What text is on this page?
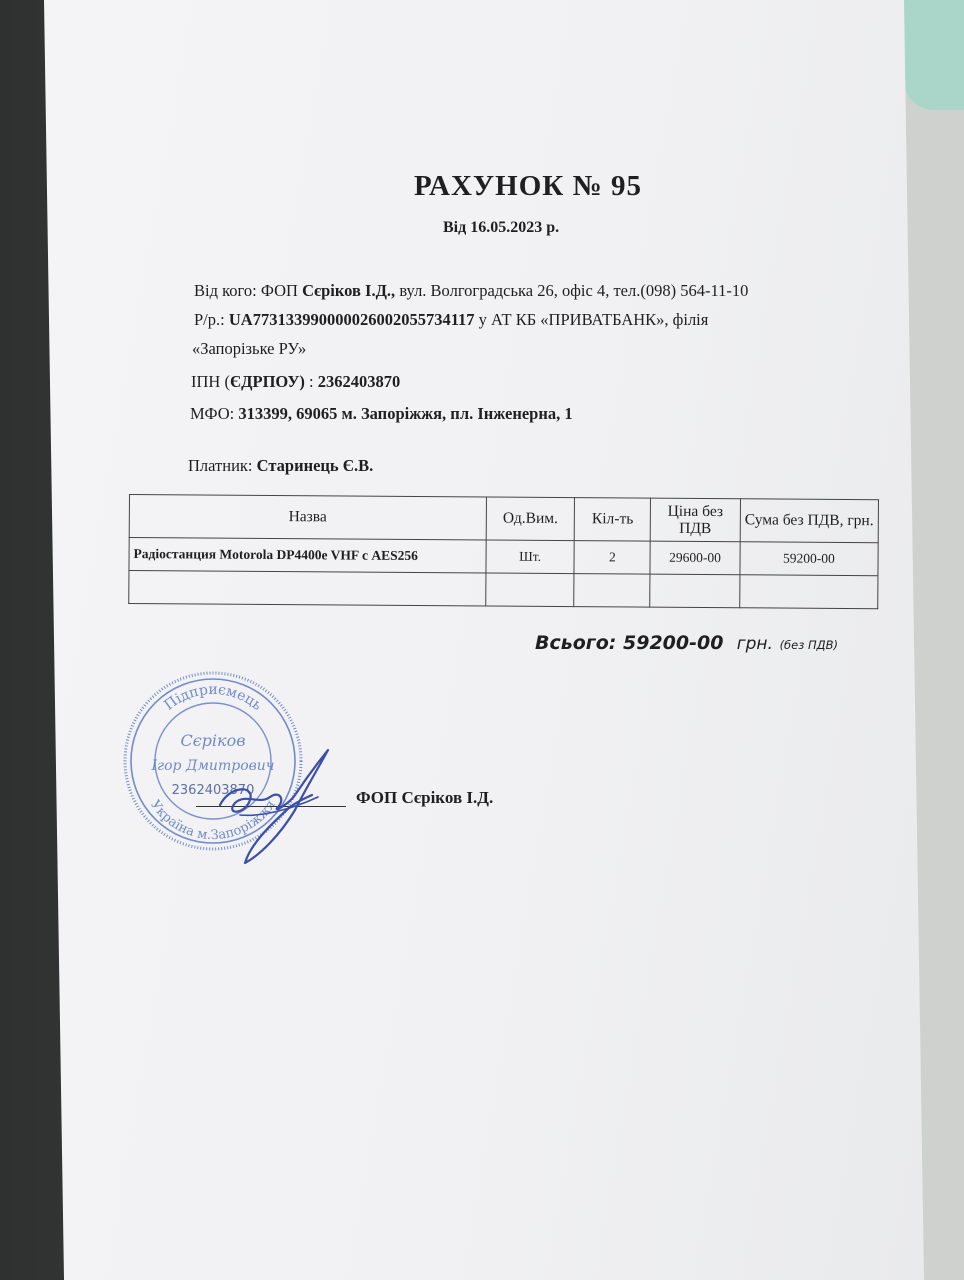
РАХУНОК № 95
Від 16.05.2023 р.
Від кого: ФОП Сєріков І.Д., вул. Волгоградська 26, офіс 4, тел.(098) 564-11-10
Р/р.: UA773133990000026002055734117 у АТ КБ «ПРИВАТБАНК», філія
«Запорізьке РУ»
ІПН (ЄДРПОУ) : 2362403870
МФО: 313399, 69065 м. Запоріжжя, пл. Інженерна, 1
Платник: Старинець Є.В.
Назва	Од.Вим.	Кіл-ть	Ціна без ПДВ	Сума без ПДВ, грн.
Радіостанция Motorola DP4400e VHF с AES256	Шт.	2	29600-00	59200-00

Всього: 59200-00 грн. (без ПДВ)
Підприємець
Україна м.Запоріжжя
Сєріков
Ігор Дмитрович
2362403870	ФОП Сєріков І.Д.
